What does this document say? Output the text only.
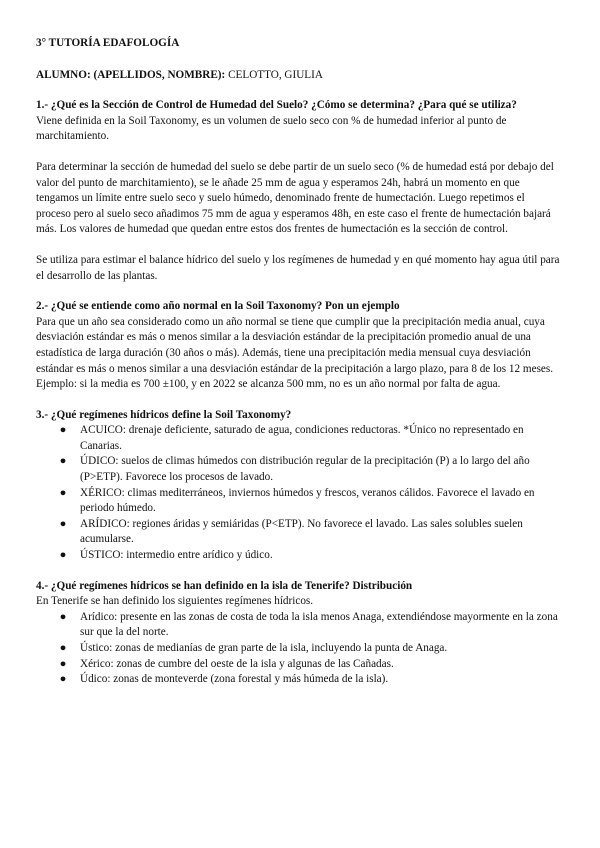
3° TUTORÍA EDAFOLOGÍA

ALUMNO: (APELLIDOS, NOMBRE): CELOTTO, GIULIA

1.- ¿Qué es la Sección de Control de Humedad del Suelo? ¿Cómo se determina? ¿Para qué se utiliza?

Viene definida en la Soil Taxonomy, es un volumen de suelo seco con % de humedad inferior al punto de marchitamiento.

Para determinar la sección de humedad del suelo se debe partir de un suelo seco (% de humedad está por debajo del valor del punto de marchitamiento), se le añade 25 mm de agua y esperamos 24h, habrá un momento en que tengamos un límite entre suelo seco y suelo húmedo, denominado frente de humectación. Luego repetimos el proceso pero al suelo seco añadimos 75 mm de agua y esperamos 48h, en este caso el frente de humectación bajará más. Los valores de humedad que quedan entre estos dos frentes de humectación es la sección de control.

Se utiliza para estimar el balance hídrico del suelo y los regímenes de humedad y en qué momento hay agua útil para el desarrollo de las plantas.

2.- ¿Qué se entiende como año normal en la Soil Taxonomy? Pon un ejemplo

Para que un año sea considerado como un año normal se tiene que cumplir que la precipitación media anual, cuya desviación estándar es más o menos similar a la desviación estándar de la precipitación promedio anual de una estadística de larga duración (30 años o más). Además, tiene una precipitación media mensual cuya desviación estándar es más o menos similar a una desviación estándar de la precipitación a largo plazo, para 8 de los 12 meses.

Ejemplo: si la media es 700 ±100, y en 2022 se alcanza 500 mm, no es un año normal por falta de agua.

3.- ¿Qué regímenes hídricos define la Soil Taxonomy?

● ACUICO: drenaje deficiente, saturado de agua, condiciones reductoras. *Único no representado en Canarias.
● ÚDICO: suelos de climas húmedos con distribución regular de la precipitación (P) a lo largo del año (P>ETP). Favorece los procesos de lavado.
● XÉRICO: climas mediterráneos, inviernos húmedos y frescos, veranos cálidos. Favorece el lavado en periodo húmedo.
● ARÍDICO: regiones áridas y semiáridas (P<ETP). No favorece el lavado. Las sales solubles suelen acumularse.
● ÚSTICO: intermedio entre arídico y údico.

4.- ¿Qué regímenes hídricos se han definido en la isla de Tenerife? Distribución

En Tenerife se han definido los siguientes regímenes hídricos.

● Arídico: presente en las zonas de costa de toda la isla menos Anaga, extendiéndose mayormente en la zona sur que la del norte.
● Ústico: zonas de medianías de gran parte de la isla, incluyendo la punta de Anaga.
● Xérico: zonas de cumbre del oeste de la isla y algunas de las Cañadas.
● Údico: zonas de monteverde (zona forestal y más húmeda de la isla).
